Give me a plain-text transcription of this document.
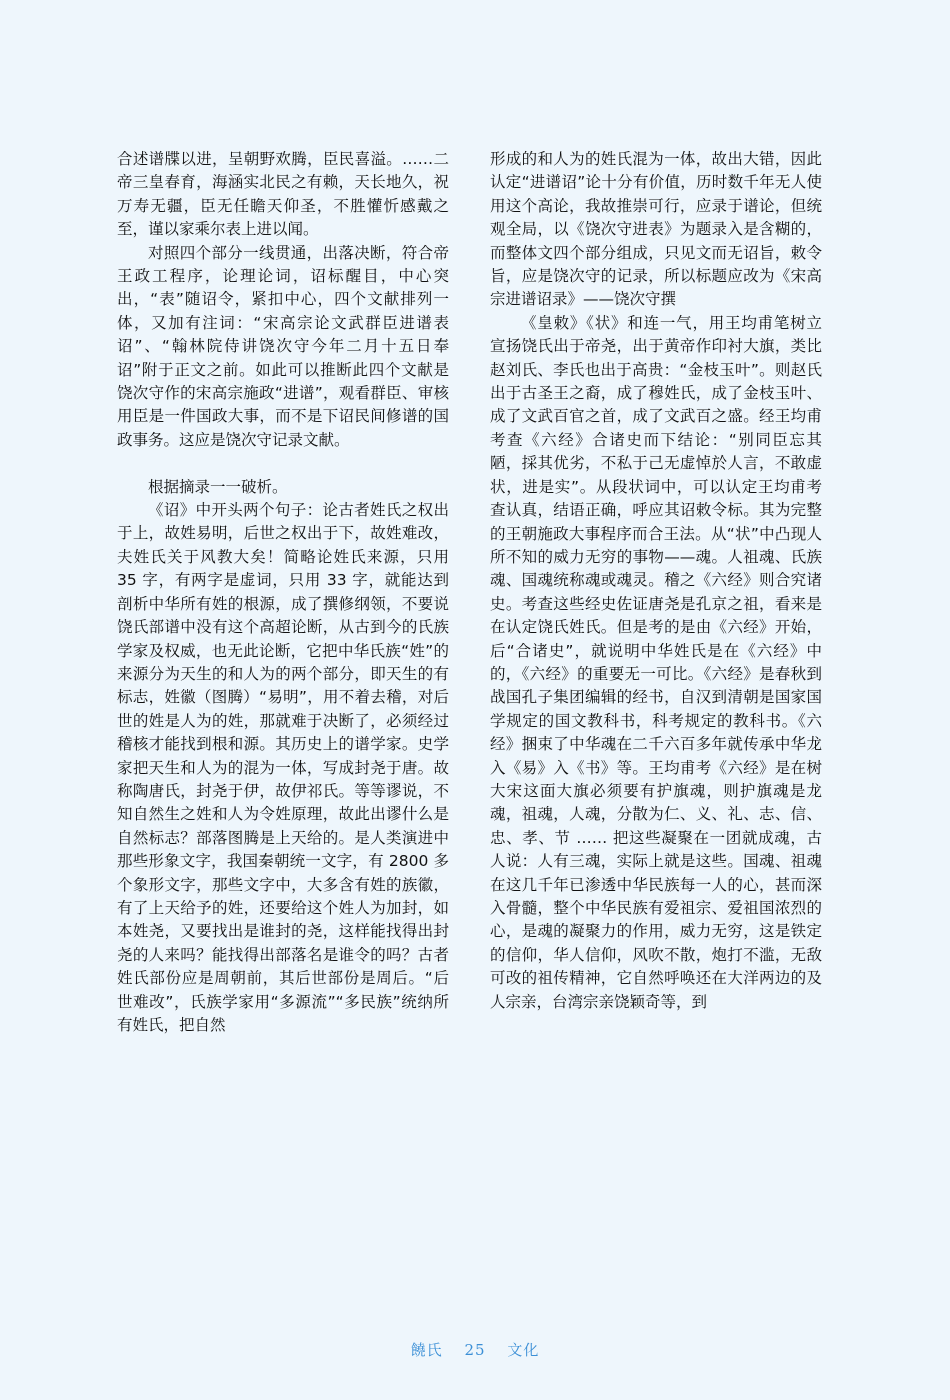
合述谱牒以进，呈朝野欢腾，臣民喜溢。……二帝三皇春育，海涵实北民之有赖，天长地久，祝万寿无疆，臣无任瞻天仰圣，不胜懽忻感戴之至，谨以家乘尔表上进以闻。

对照四个部分一线贯通，出落决断，符合帝王政工程序，论理论词，诏标醒目，中心突出，“表”随诏令，紧扣中心，四个文献排列一体，又加有注词：“宋高宗论文武群臣进谱表诏”、“翰林院侍讲饶次守今年二月十五日奉诏”附于正文之前。如此可以推断此四个文献是饶次守作的宋高宗施政“进谱”，观看群臣、审核用臣是一件国政大事，而不是下诏民间修谱的国政事务。这应是饶次守记录文献。

根据摘录一一破析。

《诏》中开头两个句子：论古者姓氏之权出于上，故姓易明，后世之权出于下，故姓难改，夫姓氏关于风教大矣！简略论姓氏来源，只用 35 字，有两字是虚词，只用 33 字，就能达到剖析中华所有姓的根源，成了撰修纲领，不要说饶氏部谱中没有这个高超论断，从古到今的氏族学家及权威，也无此论断，它把中华氏族“姓”的来源分为天生的和人为的两个部分，即天生的有标志，姓徽（图腾）“易明”，用不着去稽，对后世的姓是人为的姓，那就难于决断了，必须经过稽核才能找到根和源。其历史上的谱学家。史学家把天生和人为的混为一体，写成封尧于唐。故称陶唐氏，封尧于伊，故伊祁氏。等等谬说，不知自然生之姓和人为令姓原理，故此出谬什么是自然标志？部落图腾是上天给的。是人类演进中那些形象文字，我国秦朝统一文字，有 2800 多个象形文字，那些文字中，大多含有姓的族徽，有了上天给予的姓，还要给这个姓人为加封，如本姓尧，又要找出是谁封的尧，这样能找得出封尧的人来吗？能找得出部落名是谁令的吗？古者姓氏部份应是周朝前，其后世部份是周后。“后世难改”，氏族学家用“多源流”“多民族”统纳所有姓氏，把自然

形成的和人为的姓氏混为一体，故出大错，因此认定“进谱诏”论十分有价值，历时数千年无人使用这个高论，我故推崇可行，应录于谱论，但统观全局，以《饶次守进表》为题录入是含糊的，而整体文四个部分组成，只见文而无诏旨，敕令旨，应是饶次守的记录，所以标题应改为《宋高宗进谱诏录》——饶次守撰

《皇敕》《状》和连一气，用王均甫笔树立宣扬饶氏出于帝尧，出于黄帝作印衬大旗，类比赵刘氏、李氏也出于高贵：“金枝玉叶”。则赵氏出于古圣王之裔，成了穆姓氏，成了金枝玉叶、成了文武百官之首，成了文武百之盛。经王均甫考查《六经》合诸史而下结论：“别同臣忘其陋，採其优劣，不私于己无虚悼於人言，不敢虚状，进是实”。从段状词中，可以认定王均甫考查认真，结语正确，呼应其诏敕令标。其为完整的王朝施政大事程序而合王法。从“状”中凸现人所不知的威力无穷的事物——魂。人祖魂、氏族魂、国魂统称魂或魂灵。稽之《六经》则合究诸史。考查这些经史佐证唐尧是孔京之祖，看来是在认定饶氏姓氏。但是考的是由《六经》开始，后“合诸史”，就说明中华姓氏是在《六经》中的，《六经》的重要无一可比。《六经》是春秋到战国孔子集团编辑的经书，自汉到清朝是国家国学规定的国文教科书，科考规定的教科书。《六经》捆束了中华魂在二千六百多年就传承中华龙入《易》入《书》等。王均甫考《六经》是在树大宋这面大旗必须要有护旗魂，则护旗魂是龙魂，祖魂，人魂，分散为仁、义、礼、志、信、忠、孝、节 …… 把这些凝聚在一团就成魂，古人说：人有三魂，实际上就是这些。国魂、祖魂在这几千年已渗透中华民族每一人的心，甚而深入骨髓，整个中华民族有爱祖宗、爱祖国浓烈的心，是魂的凝聚力的作用，威力无穷，这是铁定的信仰，华人信仰，风吹不散，炮打不滥，无敌可改的祖传精神，它自然呼唤还在大洋两边的及人宗亲，台湾宗亲饶颖奇等，到

饒氏 25 文化
